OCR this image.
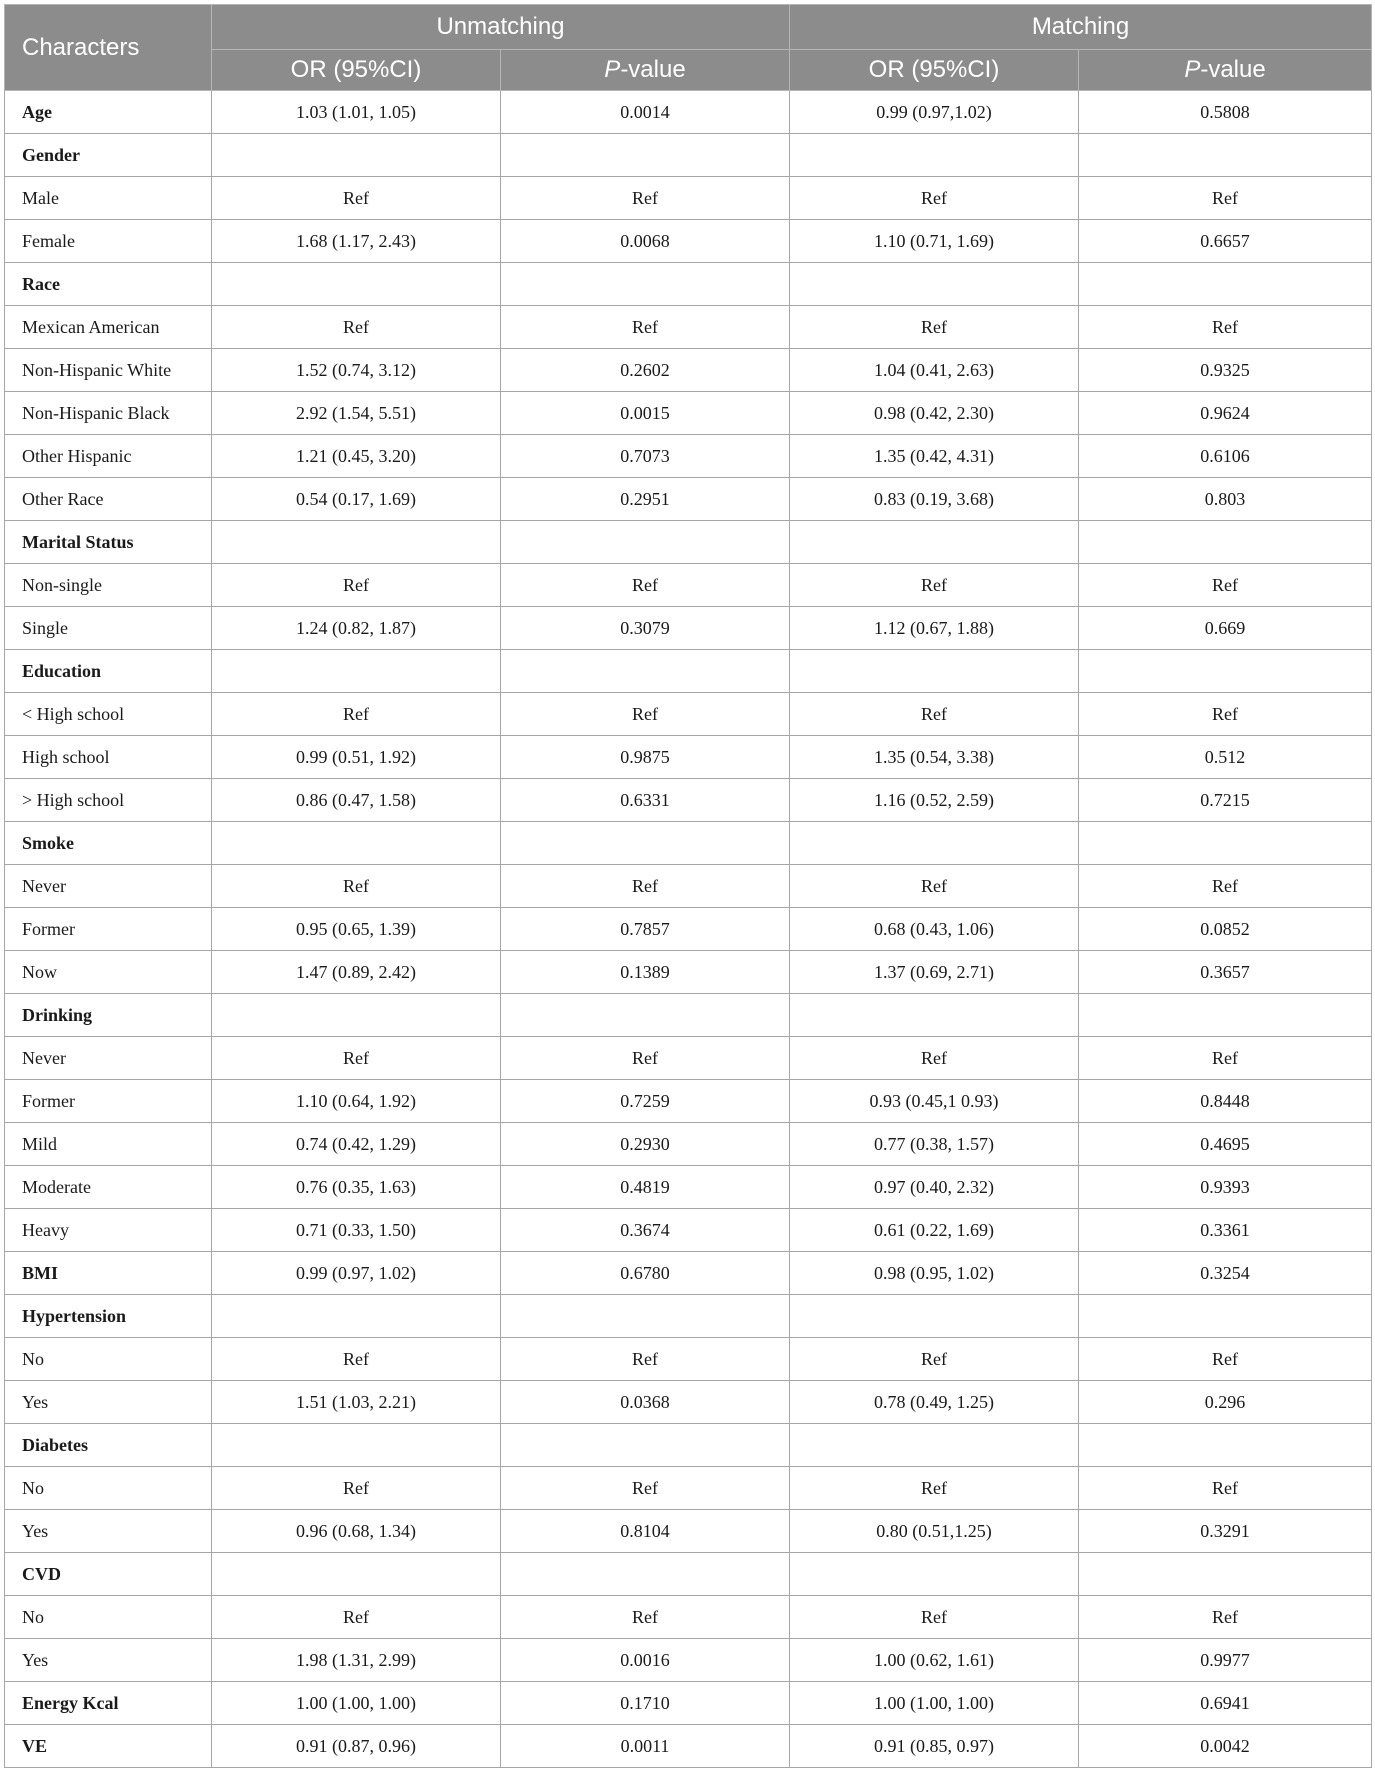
Characters	Unmatching		Matching	
	OR (95%CI)	P-value	OR (95%CI)	P-value
Age	1.03 (1.01, 1.05)	0.0014	0.99 (0.97,1.02)	0.5808
Gender				
Male	Ref	Ref	Ref	Ref
Female	1.68 (1.17, 2.43)	0.0068	1.10 (0.71, 1.69)	0.6657
Race				
Mexican American	Ref	Ref	Ref	Ref
Non-Hispanic White	1.52 (0.74, 3.12)	0.2602	1.04 (0.41, 2.63)	0.9325
Non-Hispanic Black	2.92 (1.54, 5.51)	0.0015	0.98 (0.42, 2.30)	0.9624
Other Hispanic	1.21 (0.45, 3.20)	0.7073	1.35 (0.42, 4.31)	0.6106
Other Race	0.54 (0.17, 1.69)	0.2951	0.83 (0.19, 3.68)	0.803
Marital Status				
Non-single	Ref	Ref	Ref	Ref
Single	1.24 (0.82, 1.87)	0.3079	1.12 (0.67, 1.88)	0.669
Education				
< High school	Ref	Ref	Ref	Ref
High school	0.99 (0.51, 1.92)	0.9875	1.35 (0.54, 3.38)	0.512
> High school	0.86 (0.47, 1.58)	0.6331	1.16 (0.52, 2.59)	0.7215
Smoke				
Never	Ref	Ref	Ref	Ref
Former	0.95 (0.65, 1.39)	0.7857	0.68 (0.43, 1.06)	0.0852
Now	1.47 (0.89, 2.42)	0.1389	1.37 (0.69, 2.71)	0.3657
Drinking				
Never	Ref	Ref	Ref	Ref
Former	1.10 (0.64, 1.92)	0.7259	0.93 (0.45,1 0.93)	0.8448
Mild	0.74 (0.42, 1.29)	0.2930	0.77 (0.38, 1.57)	0.4695
Moderate	0.76 (0.35, 1.63)	0.4819	0.97 (0.40, 2.32)	0.9393
Heavy	0.71 (0.33, 1.50)	0.3674	0.61 (0.22, 1.69)	0.3361
BMI	0.99 (0.97, 1.02)	0.6780	0.98 (0.95, 1.02)	0.3254
Hypertension				
No	Ref	Ref	Ref	Ref
Yes	1.51 (1.03, 2.21)	0.0368	0.78 (0.49, 1.25)	0.296
Diabetes				
No	Ref	Ref	Ref	Ref
Yes	0.96 (0.68, 1.34)	0.8104	0.80 (0.51,1.25)	0.3291
CVD				
No	Ref	Ref	Ref	Ref
Yes	1.98 (1.31, 2.99)	0.0016	1.00 (0.62, 1.61)	0.9977
Energy Kcal	1.00 (1.00, 1.00)	0.1710	1.00 (1.00, 1.00)	0.6941
VE	0.91 (0.87, 0.96)	0.0011	0.91 (0.85, 0.97)	0.0042
